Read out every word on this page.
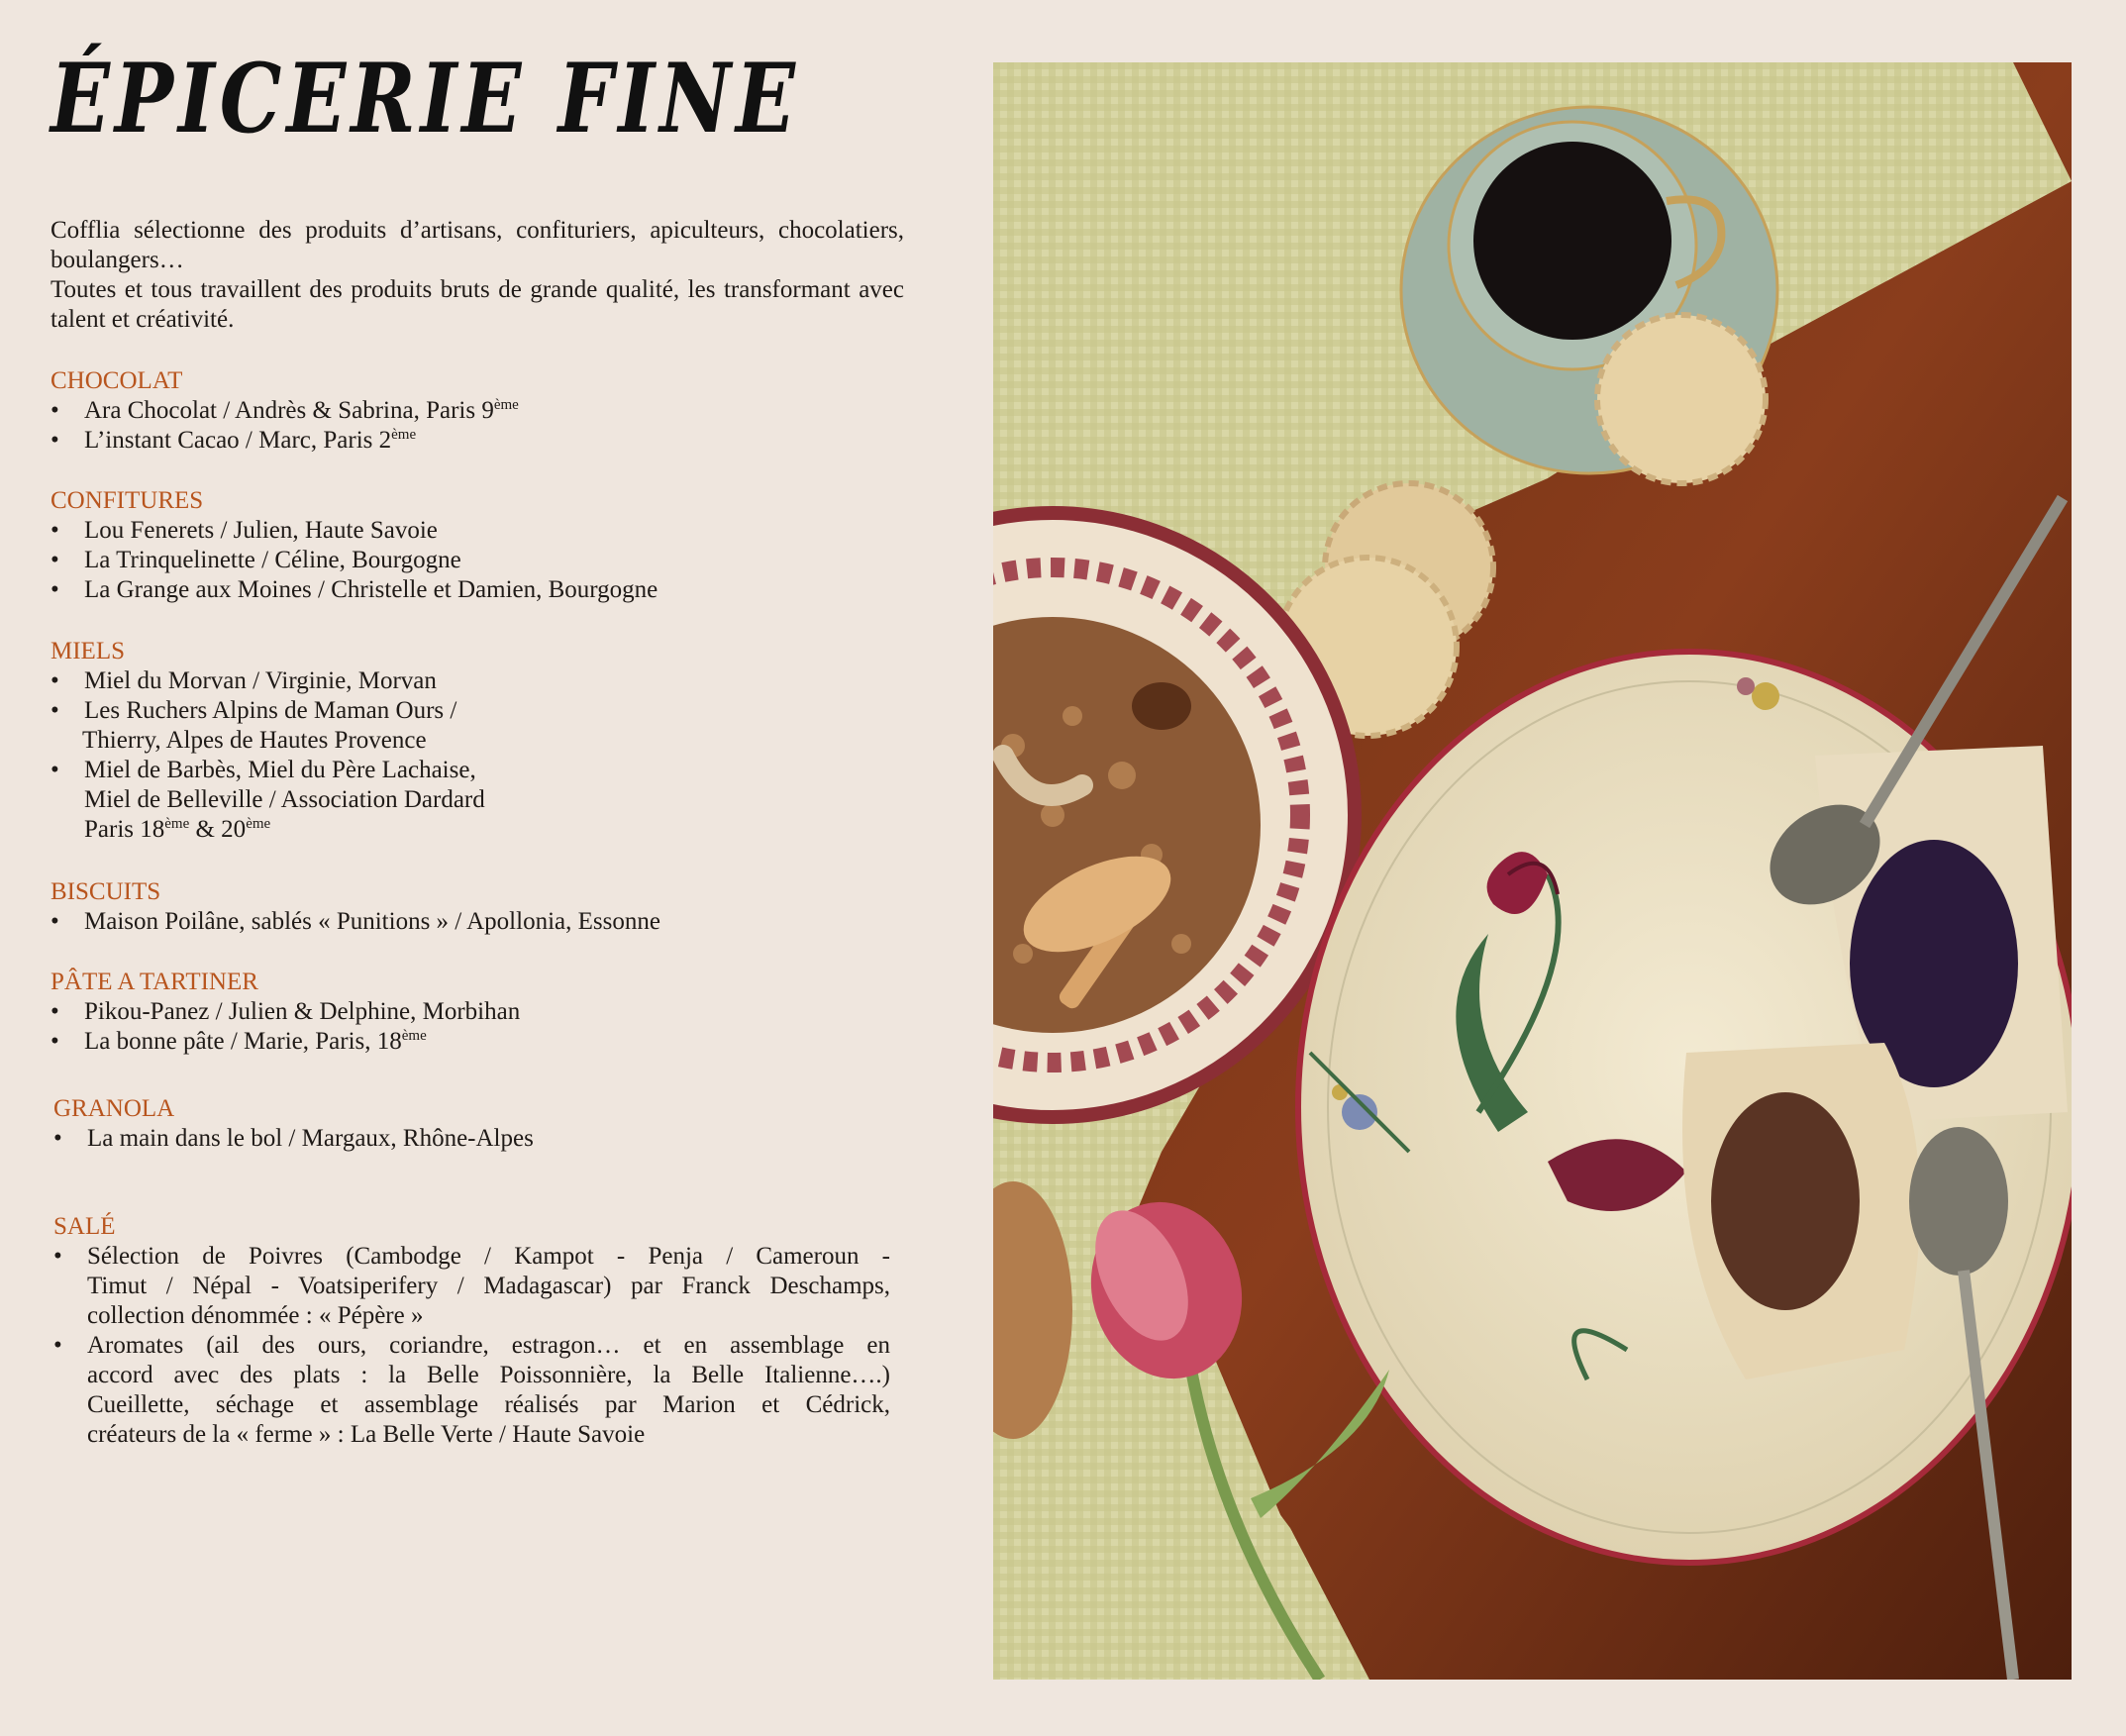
ÉPICERIE FINE

Cofflia sélectionne des produits d’artisans, confituriers, apiculteurs, chocolatiers, boulangers…

Toutes et tous travaillent des produits bruts de grande qualité, les transformant avec talent et créativité.

CHOCOLAT
• Ara Chocolat / Andrès & Sabrina, Paris 9ème
• L’instant Cacao / Marc, Paris 2ème
CONFITURES
• Lou Fenerets / Julien, Haute Savoie
• La Trinquelinette / Céline, Bourgogne
• La Grange aux Moines / Christelle et Damien, Bourgogne
MIELS
• Miel du Morvan / Virginie, Morvan
• Les Ruchers Alpins de Maman Ours /
Thierry, Alpes de Hautes Provence
• Miel de Barbès, Miel du Père Lachaise,
Miel de Belleville / Association Dardard
Paris 18ème & 20ème
BISCUITS
• Maison Poilâne, sablés « Punitions » / Apollonia, Essonne
PÂTE A TARTINER
• Pikou-Panez / Julien & Delphine, Morbihan
• La bonne pâte / Marie, Paris, 18ème
GRANOLA
• La main dans le bol / Margaux, Rhône-Alpes
SALÉ
• Sélection de Poivres (Cambodge / Kampot - Penja / Cameroun -
Timut / Népal - Voatsiperifery / Madagascar) par Franck Deschamps,
collection dénommée : « Pépère »
• Aromates (ail des ours, coriandre, estragon… et en assemblage en
accord avec des plats : la Belle Poissonnière, la Belle Italienne….)
Cueillette, séchage et assemblage réalisés par Marion et Cédrick,
créateurs de la « ferme » : La Belle Verte / Haute Savoie
